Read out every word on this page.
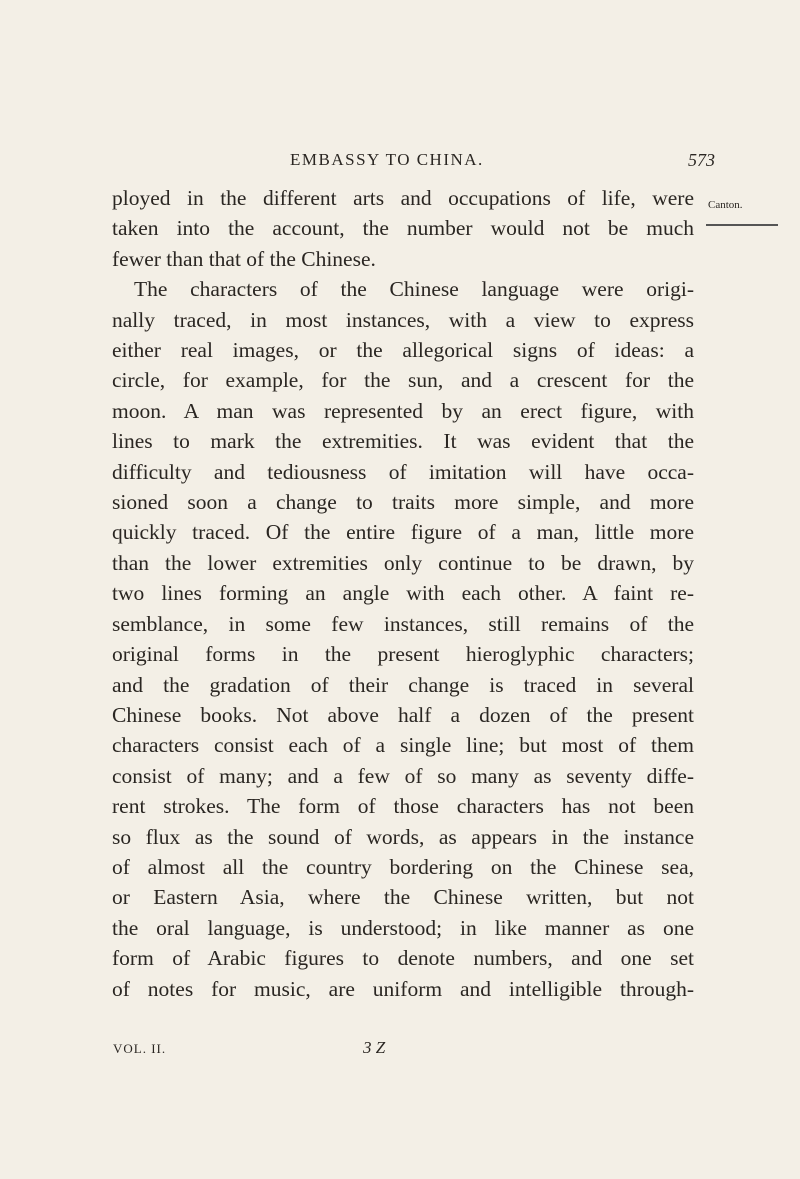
EMBASSY TO CHINA.	573
Canton.
ployed in the different arts and occupations of life, were
taken into the account, the number would not be much
fewer than that of the Chinese.
The characters of the Chinese language were origi-
nally traced, in most instances, with a view to express
either real images, or the allegorical signs of ideas: a
circle, for example, for the sun, and a crescent for the
moon. A man was represented by an erect figure, with
lines to mark the extremities. It was evident that the
difficulty and tediousness of imitation will have occa-
sioned soon a change to traits more simple, and more
quickly traced. Of the entire figure of a man, little more
than the lower extremities only continue to be drawn, by
two lines forming an angle with each other. A faint re-
semblance, in some few instances, still remains of the
original forms in the present hieroglyphic characters;
and the gradation of their change is traced in several
Chinese books. Not above half a dozen of the present
characters consist each of a single line; but most of them
consist of many; and a few of so many as seventy diffe-
rent strokes. The form of those characters has not been
so flux as the sound of words, as appears in the instance
of almost all the country bordering on the Chinese sea,
or Eastern Asia, where the Chinese written, but not
the oral language, is understood; in like manner as one
form of Arabic figures to denote numbers, and one set
of notes for music, are uniform and intelligible through-
VOL. II.	3 Z
